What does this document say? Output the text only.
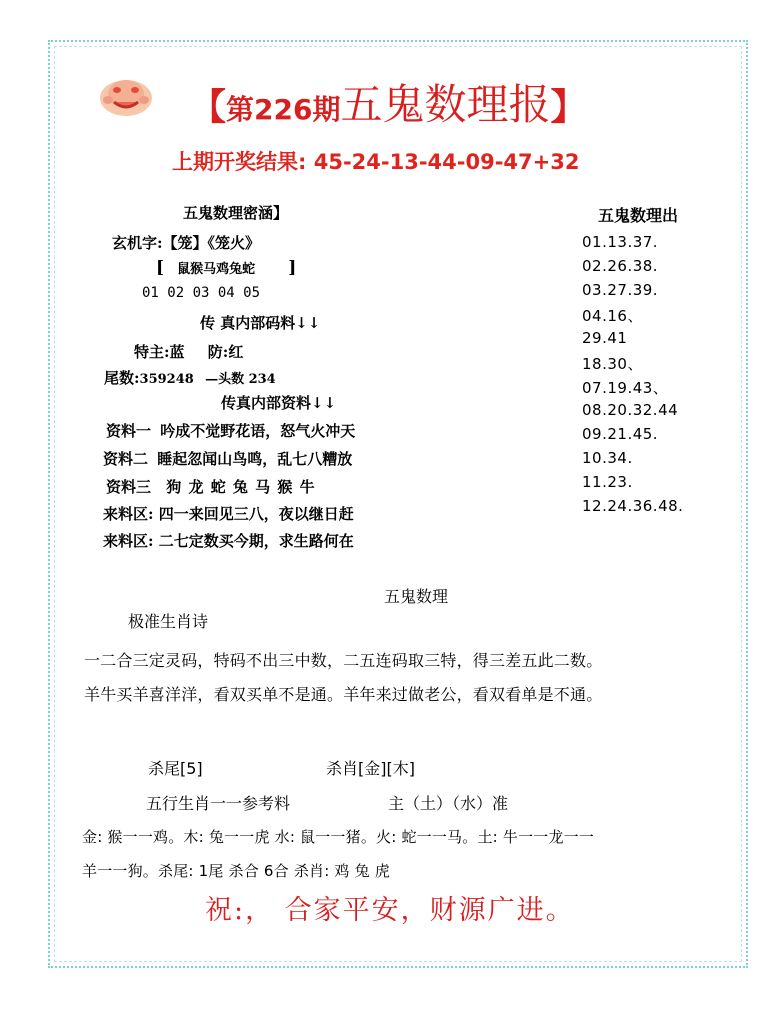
【第226期五鬼数理报】
上期开奖结果: 45-24-13-44-09-47+32
五鬼数理密涵】
玄机字:【笼】《笼火》
[ 鼠猴马鸡兔蛇 ]
01 02 03 04 05
传 真内部码料↓↓
特主:蓝 防:红
尾数:359248 —头数 234
传真内部资料↓↓
资料一 吟成不觉野花语，怒气火冲天
资料二 睡起忽闻山鸟鸣，乱七八糟放
资料三 狗 龙 蛇 兔 马 猴 牛
来料区: 四一来回见三八，夜以继日赶
来料区: 二七定数买今期，求生路何在
五鬼数理出
01.13.37.
02.26.38.
03.27.39.
04.16、
29.41
18.30、
07.19.43、
08.20.32.44
09.21.45.
10.34.
11.23.
12.24.36.48.
五鬼数理
极准生肖诗
一二合三定灵码，特码不出三中数，二五连码取三特，得三差五此二数。
羊牛买羊喜洋洋，看双买单不是通。羊年来过做老公，看双看单是不通。
杀尾[5]	杀肖[金][木]
五行生肖一一参考料	主（土）（水）准
金: 猴一一鸡。木: 兔一一虎 水: 鼠一一猪。火: 蛇一一马。土: 牛一一龙一一
羊一一狗。杀尾: 1尾 杀合 6合 杀肖: 鸡 兔 虎
祝:， 合家平安，财源广进。
